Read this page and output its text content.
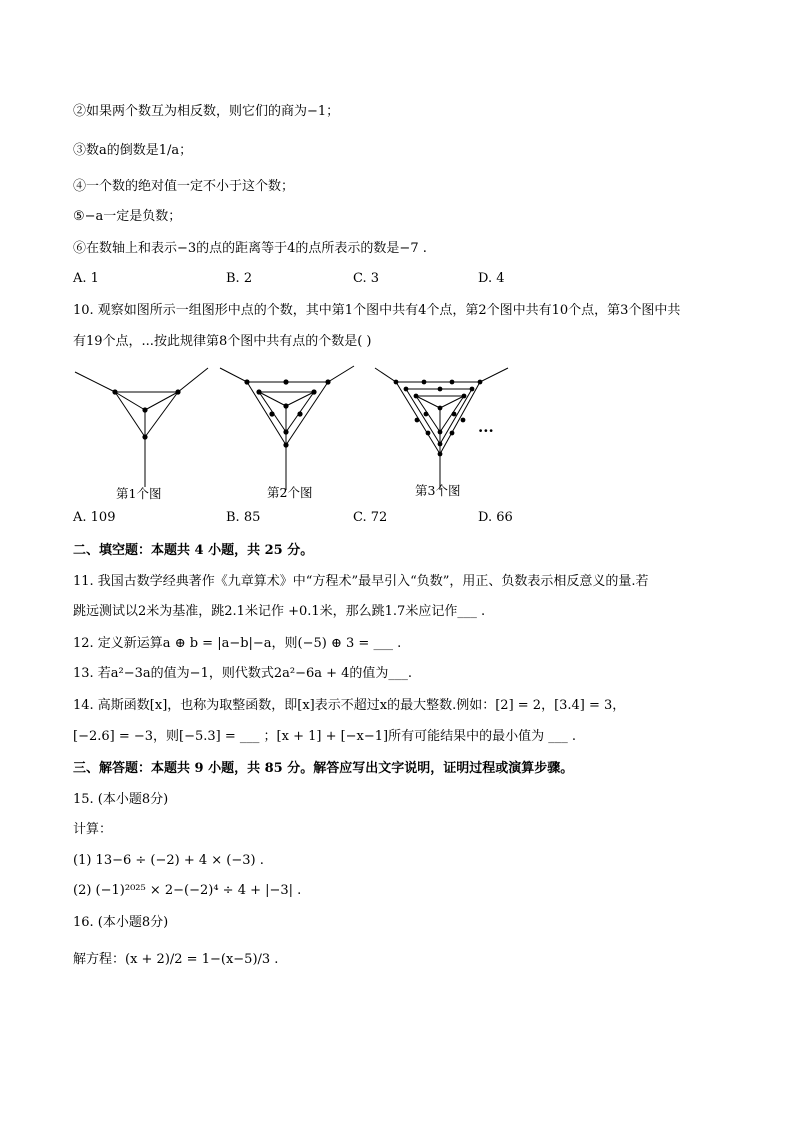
②如果两个数互为相反数，则它们的商为−1；
③数a的倒数是1/a；
④一个数的绝对值一定不小于这个数；
⑤−a一定是负数；
⑥在数轴上和表示−3的点的距离等于4的点所表示的数是−7 .
A. 1	B. 2	C. 3	D. 4
10. 观察如图所示一组图形中点的个数，其中第1个图中共有4个点，第2个图中共有10个点，第3个图中共
有19个点，...按此规律第8个图中共有点的个数是( )
第1个图	第2个图	第3个图
...
A. 109	B. 85	C. 72	D. 66
二、填空题：本题共 4 小题，共 25 分。
11. 我国古数学经典著作《九章算术》中“方程术”最早引入“负数”，用正、负数表示相反意义的量.若
跳远测试以2米为基准，跳2.1米记作 +0.1米，那么跳1.7米应记作___ .
12. 定义新运算a ⊕ b = |a−b|−a，则(−5) ⊕ 3 = ___ .
13. 若a²−3a的值为−1，则代数式2a²−6a + 4的值为___.
14. 高斯函数[x]，也称为取整函数，即[x]表示不超过x的最大整数.例如：[2] = 2，[3.4] = 3，
[−2.6] = −3，则[−5.3] = ___ ；[x + 1] + [−x−1]所有可能结果中的最小值为 ___ .
三、解答题：本题共 9 小题，共 85 分。解答应写出文字说明，证明过程或演算步骤。
15. (本小题8分)
计算：
(1) 13−6 ÷ (−2) + 4 × (−3) .
(2) (−1)²⁰²⁵ × 2−(−2)⁴ ÷ 4 + |−3| .
16. (本小题8分)
解方程：(x + 2)/2 = 1−(x−5)/3 .
